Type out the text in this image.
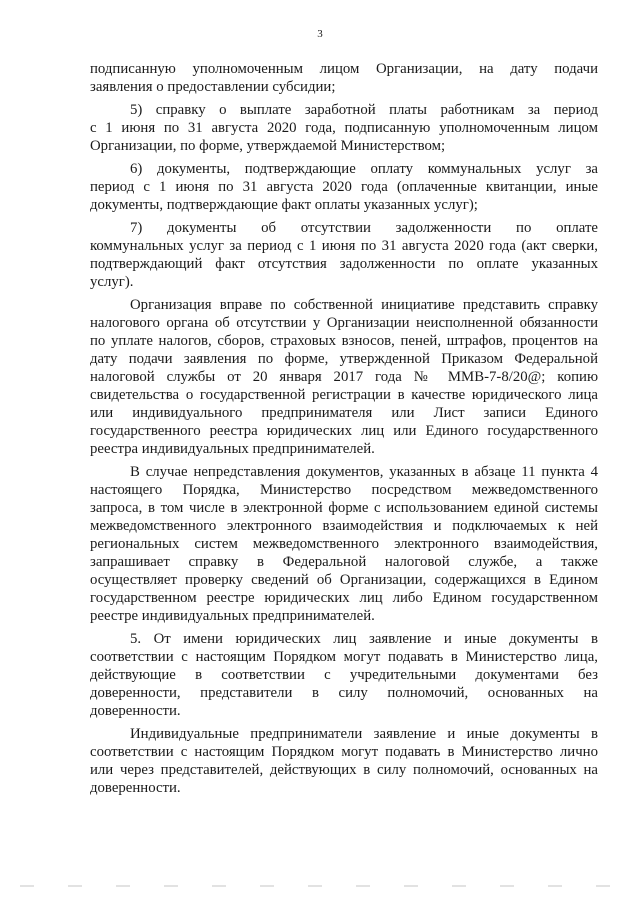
3
подписанную уполномоченным лицом Организации, на дату подачи
заявления о предоставлении субсидии;
5) справку о выплате заработной платы работникам за период
с 1 июня по 31 августа 2020 года, подписанную уполномоченным лицом
Организации, по форме, утверждаемой Министерством;
6) документы, подтверждающие оплату коммунальных услуг за
период с 1 июня по 31 августа 2020 года (оплаченные квитанции, иные
документы, подтверждающие факт оплаты указанных услуг);
7) документы об отсутствии задолженности по оплате
коммунальных услуг за период с 1 июня по 31 августа 2020 года (акт сверки,
подтверждающий факт отсутствия задолженности по оплате указанных
услуг).
Организация вправе по собственной инициативе представить справку
налогового органа об отсутствии у Организации неисполненной обязанности
по уплате налогов, сборов, страховых взносов, пеней, штрафов, процентов на
дату подачи заявления по форме, утвержденной Приказом Федеральной
налоговой службы от 20 января 2017 года № ММВ-7-8/20@; копию
свидетельства о государственной регистрации в качестве юридического лица
или индивидуального предпринимателя или Лист записи Единого
государственного реестра юридических лиц или Единого государственного
реестра индивидуальных предпринимателей.
В случае непредставления документов, указанных в абзаце 11 пункта 4
настоящего Порядка, Министерство посредством межведомственного
запроса, в том числе в электронной форме с использованием единой системы
межведомственного электронного взаимодействия и подключаемых к ней
региональных систем межведомственного электронного взаимодействия,
запрашивает справку в Федеральной налоговой службе, а также
осуществляет проверку сведений об Организации, содержащихся в Едином
государственном реестре юридических лиц либо Едином государственном
реестре индивидуальных предпринимателей.
5. От имени юридических лиц заявление и иные документы в
соответствии с настоящим Порядком могут подавать в Министерство лица,
действующие в соответствии с учредительными документами без
доверенности, представители в силу полномочий, основанных на
доверенности.
Индивидуальные предприниматели заявление и иные документы в
соответствии с настоящим Порядком могут подавать в Министерство лично
или через представителей, действующих в силу полномочий, основанных на
доверенности.
